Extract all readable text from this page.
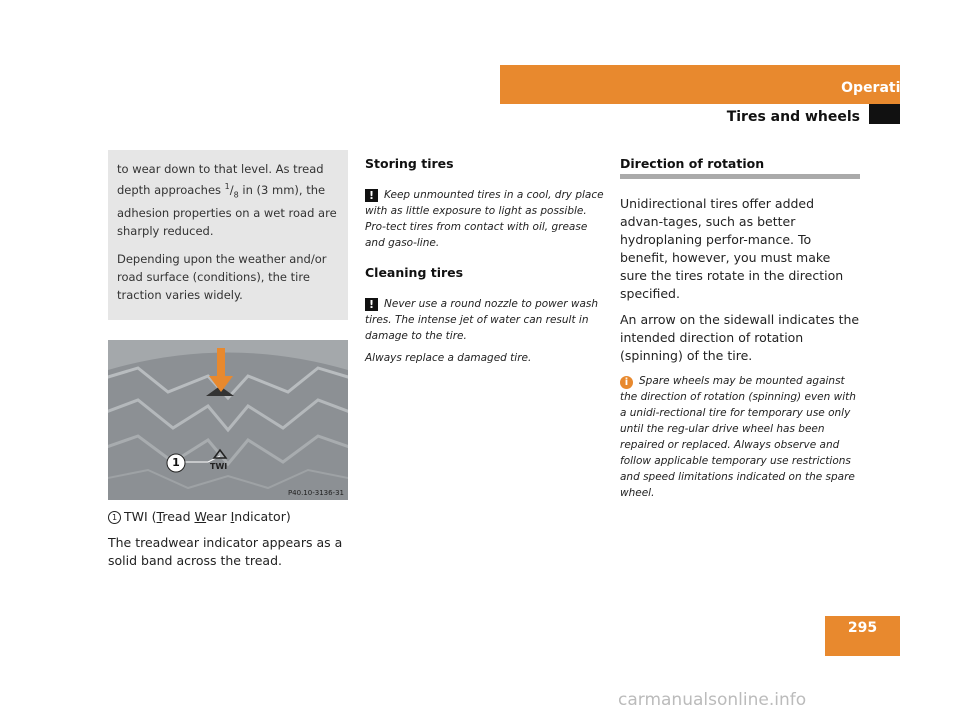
Operation
Tires and wheels

to wear down to that level. As tread depth approaches $^1/_8$ in (3 mm), the adhesion properties on a wet road are sharply reduced.

Depending upon the weather and/or road surface (conditions), the tire traction varies widely.

1	TWI
P40.10-3136-31

1 TWI (Tread Wear Indicator)

The treadwear indicator appears as a solid band across the tread.

Storing tires

! Keep unmounted tires in a cool, dry place with as little exposure to light as possible. Pro-tect tires from contact with oil, grease and gaso-line.

Cleaning tires

! Never use a round nozzle to power wash tires. The intense jet of water can result in damage to the tire.

Always replace a damaged tire.

Direction of rotation

Unidirectional tires offer added advan-tages, such as better hydroplaning perfor-mance. To benefit, however, you must make sure the tires rotate in the direction specified.

An arrow on the sidewall indicates the intended direction of rotation (spinning) of the tire.

i Spare wheels may be mounted against the direction of rotation (spinning) even with a unidi-rectional tire for temporary use only until the reg-ular drive wheel has been repaired or replaced. Always observe and follow applicable temporary use restrictions and speed limitations indicated on the spare wheel.

295
carmanualsonline.info
